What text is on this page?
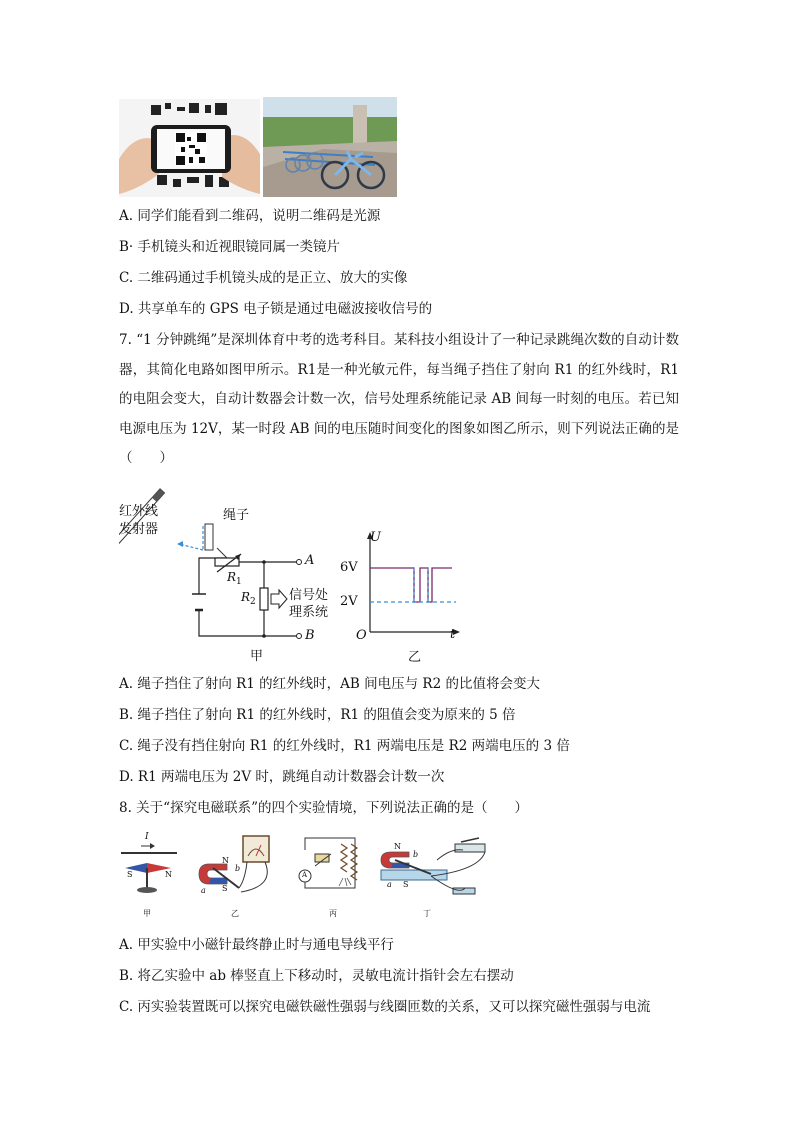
A. 同学们能看到二维码，说明二维码是光源
B· 手机镜头和近视眼镜同属一类镜片
C. 二维码通过手机镜头成的是正立、放大的实像
D. 共享单车的 GPS 电子锁是通过电磁波接收信号的
7. “1 分钟跳绳”是深圳体育中考的选考科目。某科技小组设计了一种记录跳绳次数的自动计数器，其简化电路如图甲所示。R1是一种光敏元件，每当绳子挡住了射向 R1 的红外线时，R1 的电阻会变大，自动计数器会计数一次，信号处理系统能记录 AB 间每一时刻的电压。若已知电源电压为 12V，某一时段 AB 间的电压随时间变化的图象如图乙所示，则下列说法正确的是（　　）
红外线
发射器
绳子
$R_1$
$R_2$	信号处
理系统
A
B
甲
U
6V
2V
O	t
乙
A. 绳子挡住了射向 R1 的红外线时，AB 间电压与 R2 的比值将会变大
B. 绳子挡住了射向 R1 的红外线时，R1 的阻值会变为原来的 5 倍
C. 绳子没有挡住射向 R1 的红外线时，R1 两端电压是 R2 两端电压的 3 倍
D. R1 两端电压为 2V 时，跳绳自动计数器会计数一次
8. 关于“探究电磁联系”的四个实验情境，下列说法正确的是（　　）
I
S	N
N
S
a
b
A
N
S
a
b
甲	乙	丙	丁
A. 甲实验中小磁针最终静止时与通电导线平行
B. 将乙实验中 ab 棒竖直上下移动时，灵敏电流计指针会左右摆动
C. 丙实验装置既可以探究电磁铁磁性强弱与线圈匝数的关系，又可以探究磁性强弱与电流
